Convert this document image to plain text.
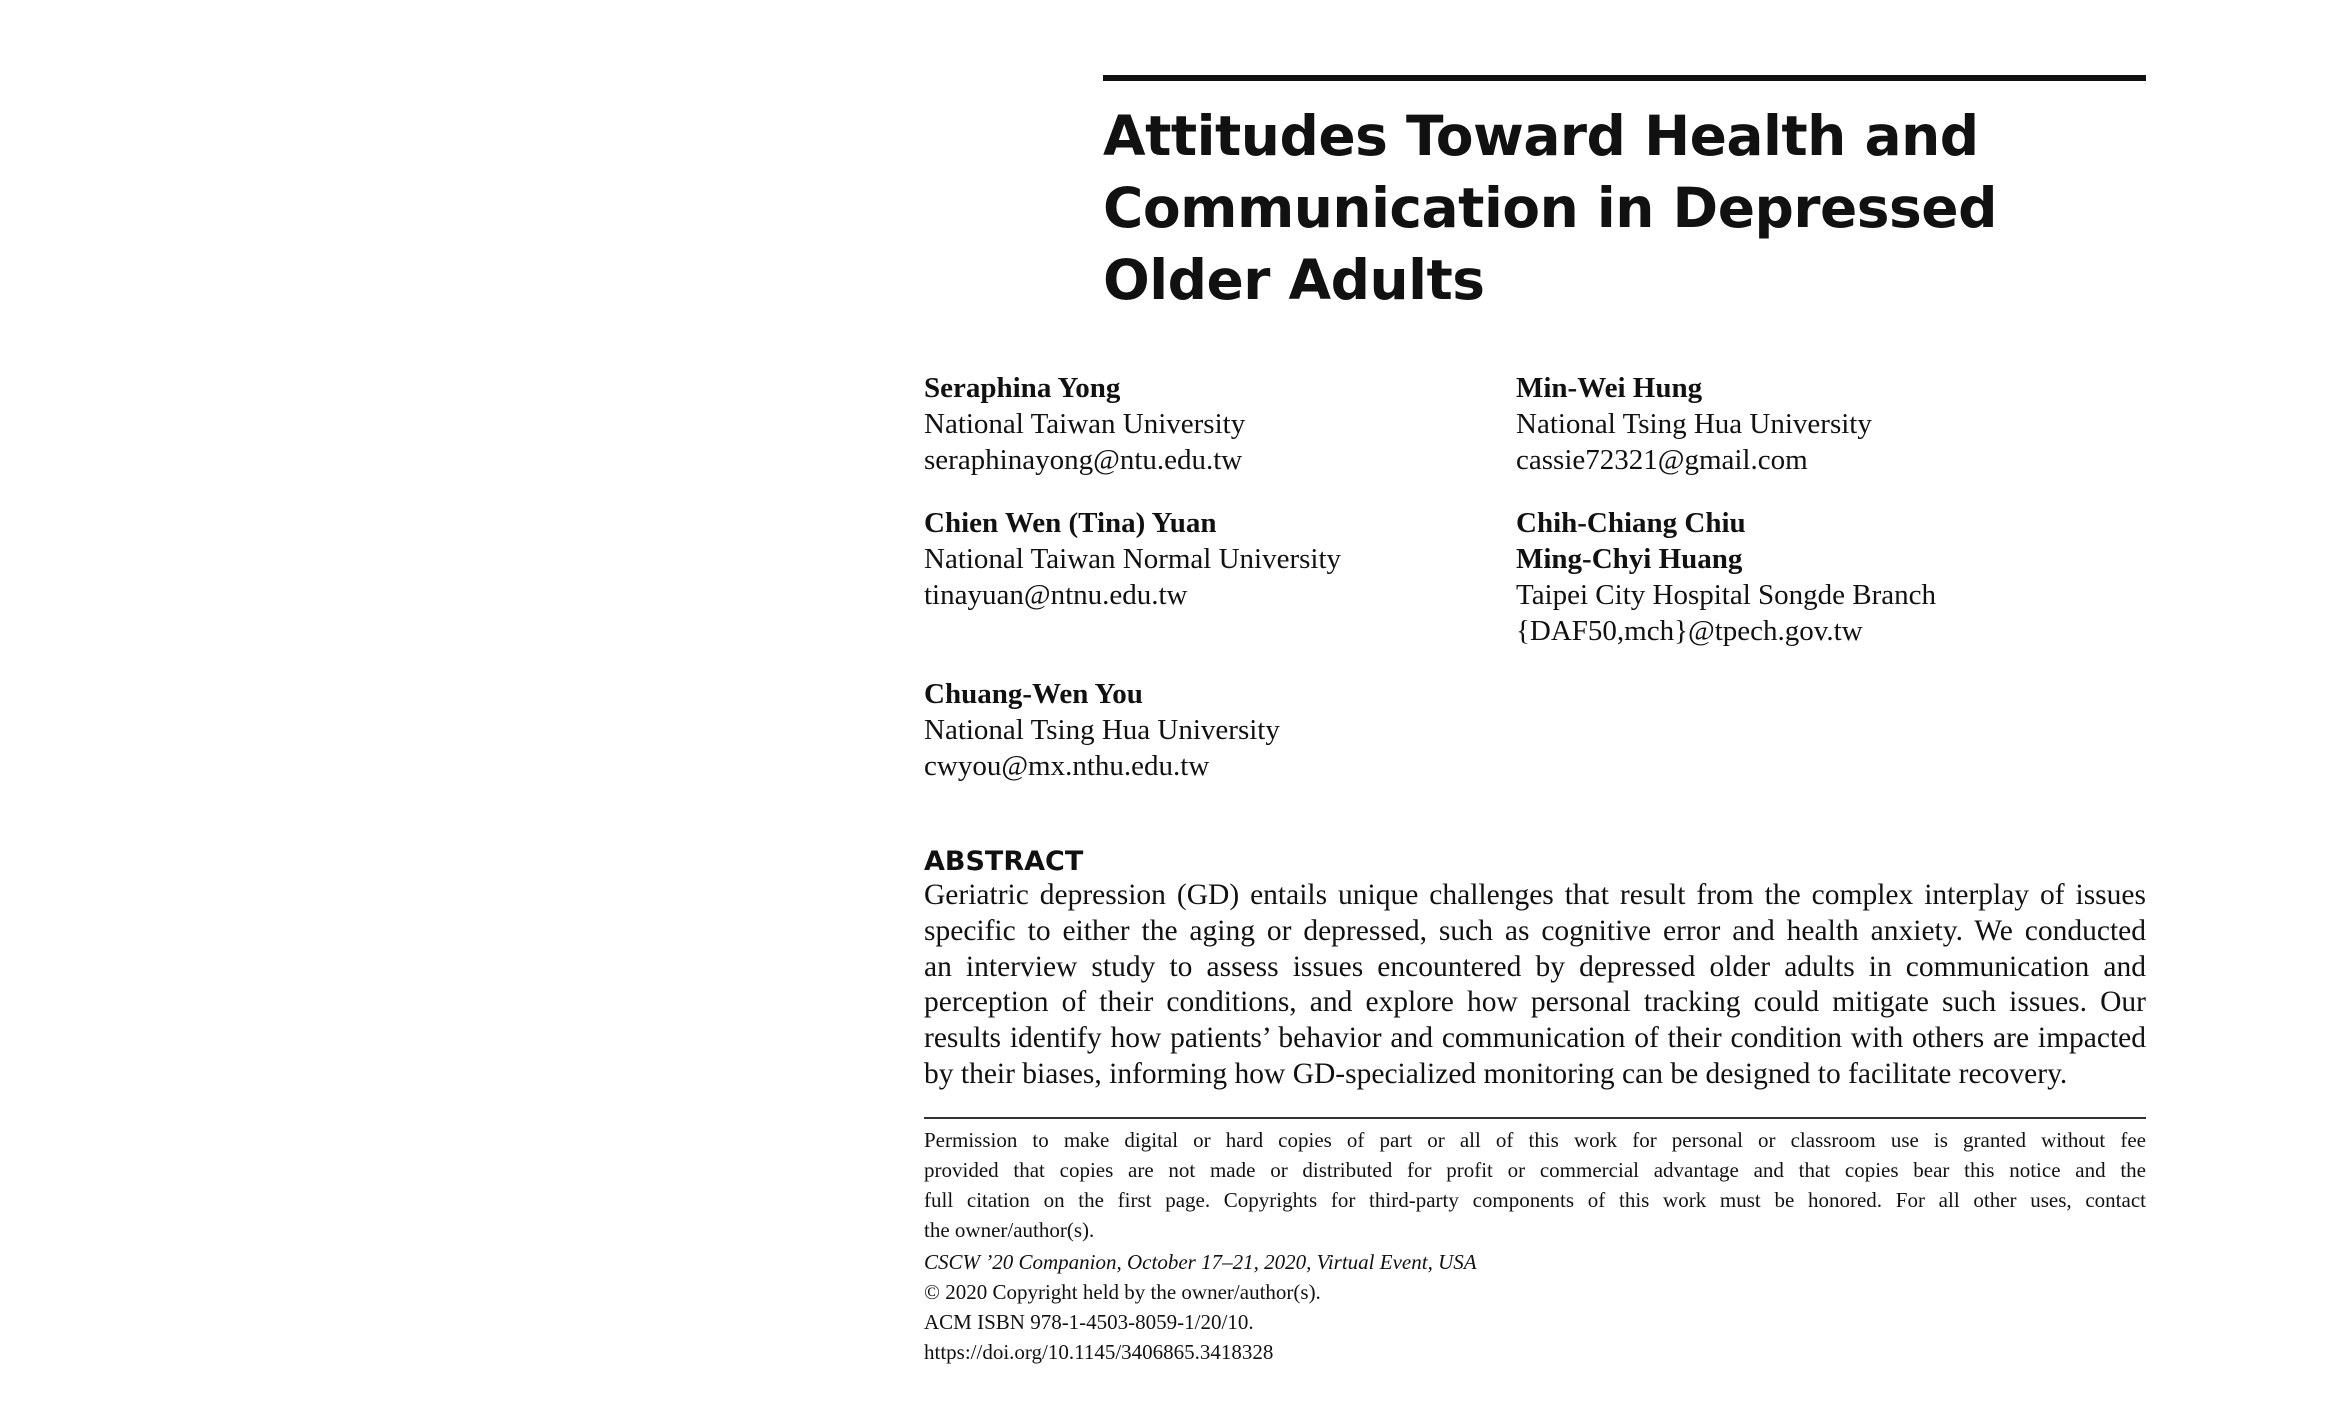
Attitudes Toward Health and
Communication in Depressed
Older Adults
Seraphina Yong
National Taiwan University
seraphinayong@ntu.edu.tw
Min-Wei Hung
National Tsing Hua University
cassie72321@gmail.com
Chien Wen (Tina) Yuan
National Taiwan Normal University
tinayuan@ntnu.edu.tw
Chih-Chiang Chiu
Ming-Chyi Huang
Taipei City Hospital Songde Branch
{DAF50,mch}@tpech.gov.tw
Chuang-Wen You
National Tsing Hua University
cwyou@mx.nthu.edu.tw
ABSTRACT

Geriatric depression (GD) entails unique challenges that result from the complex interplay of issues
specific to either the aging or depressed, such as cognitive error and health anxiety. We conducted
an interview study to assess issues encountered by depressed older adults in communication and
perception of their conditions, and explore how personal tracking could mitigate such issues. Our
results identify how patients’ behavior and communication of their condition with others are impacted
by their biases, informing how GD-specialized monitoring can be designed to facilitate recovery.

Permission to make digital or hard copies of part or all of this work for personal or classroom use is granted without fee
provided that copies are not made or distributed for profit or commercial advantage and that copies bear this notice and the
full citation on the first page. Copyrights for third-party components of this work must be honored. For all other uses, contact
the owner/author(s).
CSCW ’20 Companion, October 17–21, 2020, Virtual Event, USA
© 2020 Copyright held by the owner/author(s).
ACM ISBN 978-1-4503-8059-1/20/10.
https://doi.org/10.1145/3406865.3418328
